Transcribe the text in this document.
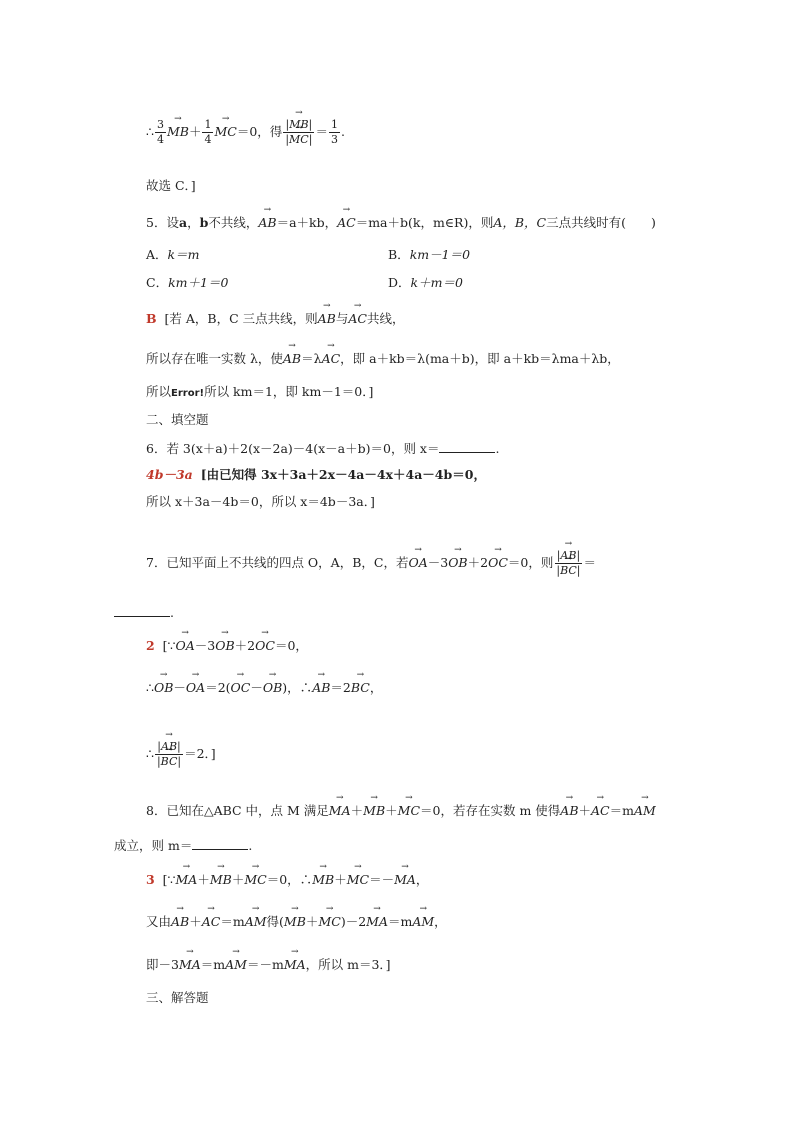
∴ $\frac{3}{4}$
→ $MB+ \frac{1}{4}$
→ MC＝0，得 $\frac{|\to MB|}{|\to MC|} = \frac{1}{3}$ .
故选 C．]
5．设a，b不共线，→ AB＝a＋kb，→ AC＝ma＋b(k，m∈R)，则A，B，C三点共线时有(　　)
A．k＝m	B．km－1＝0
C．km＋1＝0	D．k＋m＝0
B [若 A，B，C 三点共线，则→ AB与→ AC共线，
所以存在唯一实数 λ，使→ AB＝λ→ AC，即 a＋kb＝λ(ma＋b)，即 a＋kb＝λma＋λb，
所以Error!所以 km＝1，即 km－1＝0．]
二、填空题
6．若 3(x＋a)＋2(x－2a)－4(x－a＋b)＝0，则 x＝	.
4b－3a [由已知得 3x＋3a＋2x－4a－4x＋4a－4b＝0，
所以 x＋3a－4b＝0，所以 x＝4b－3a．]
7．已知平面上不共线的四点 O，A，B，C，若→ OA－3→ OB＋2→ OC＝0，则 $\frac{|\to AB|}{|\to BC|}$ ＝
.
2 [∵→ OA－3→ OB＋2→ OC＝0，
∴→ OB－→ OA＝2(→ OC－→ OB)，∴→ AB＝2→ BC，
∴ $\frac{|\to AB|}{|\to BC|} =2$．]
8．已知在△ABC 中，点 M 满足→ MA＋→ MB＋→ MC＝0，若存在实数 m 使得→ AB＋→ AC＝m→ AM
成立，则 m＝	.
3 [∵→ MA＋→ MB＋→ MC＝0，∴→ MB＋→ MC＝－→ MA，
又由→ AB＋→ AC＝m→ AM得(→ MB＋→ MC)－2→ MA＝m→ AM，
即－3→ MA＝m→ AM＝－m→ MA，所以 m＝3．]
三、解答题
